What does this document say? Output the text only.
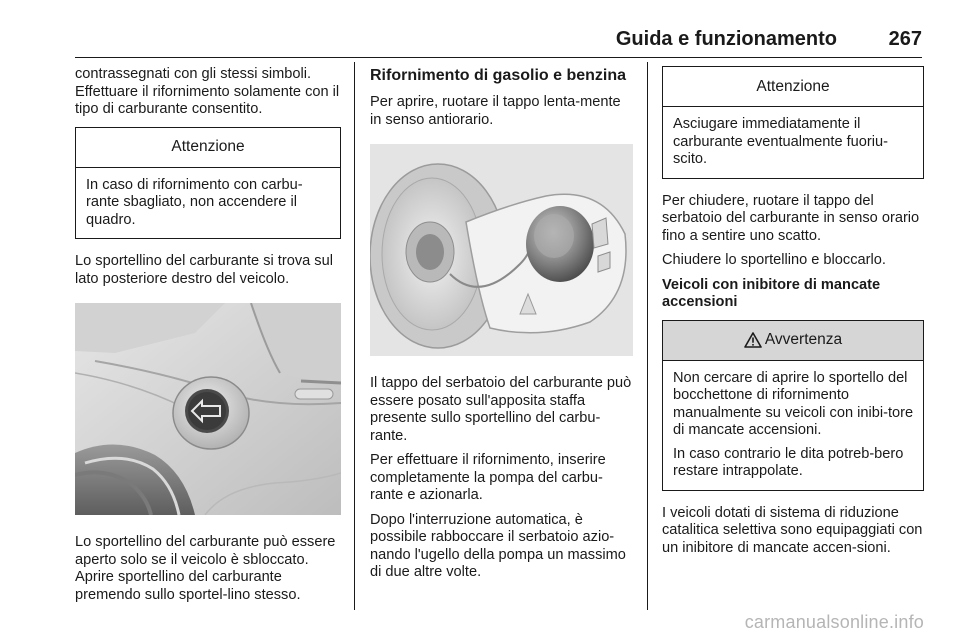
Guida e funzionamento	267

contrassegnati con gli stessi simboli. Effettuare il rifornimento solamente con il tipo di carburante consentito.

Attenzione

In caso di rifornimento con carbu-rante sbagliato, non accendere il quadro.

Lo sportellino del carburante si trova sul lato posteriore destro del veicolo.

Lo sportellino del carburante può essere aperto solo se il veicolo è sbloccato. Aprire sportellino del carburante premendo sullo sportel-lino stesso.

Rifornimento di gasolio e benzina

Per aprire, ruotare il tappo lenta-mente in senso antiorario.

Il tappo del serbatoio del carburante può essere posato sull'apposita staffa presente sullo sportellino del carbu-rante.

Per effettuare il rifornimento, inserire completamente la pompa del carbu-rante e azionarla.

Dopo l'interruzione automatica, è possibile rabboccare il serbatoio azio-nando l'ugello della pompa un massimo di due altre volte.

Attenzione

Asciugare immediatamente il carburante eventualmente fuoriu-scito.

Per chiudere, ruotare il tappo del serbatoio del carburante in senso orario fino a sentire uno scatto.

Chiudere lo sportellino e bloccarlo.

Veicoli con inibitore di mancate accensioni

Avvertenza

Non cercare di aprire lo sportello del bocchettone di rifornimento manualmente su veicoli con inibi-tore di mancate accensioni.

In caso contrario le dita potreb-bero restare intrappolate.

I veicoli dotati di sistema di riduzione catalitica selettiva sono equipaggiati con un inibitore di mancate accen-sioni.

carmanualsonline.info
